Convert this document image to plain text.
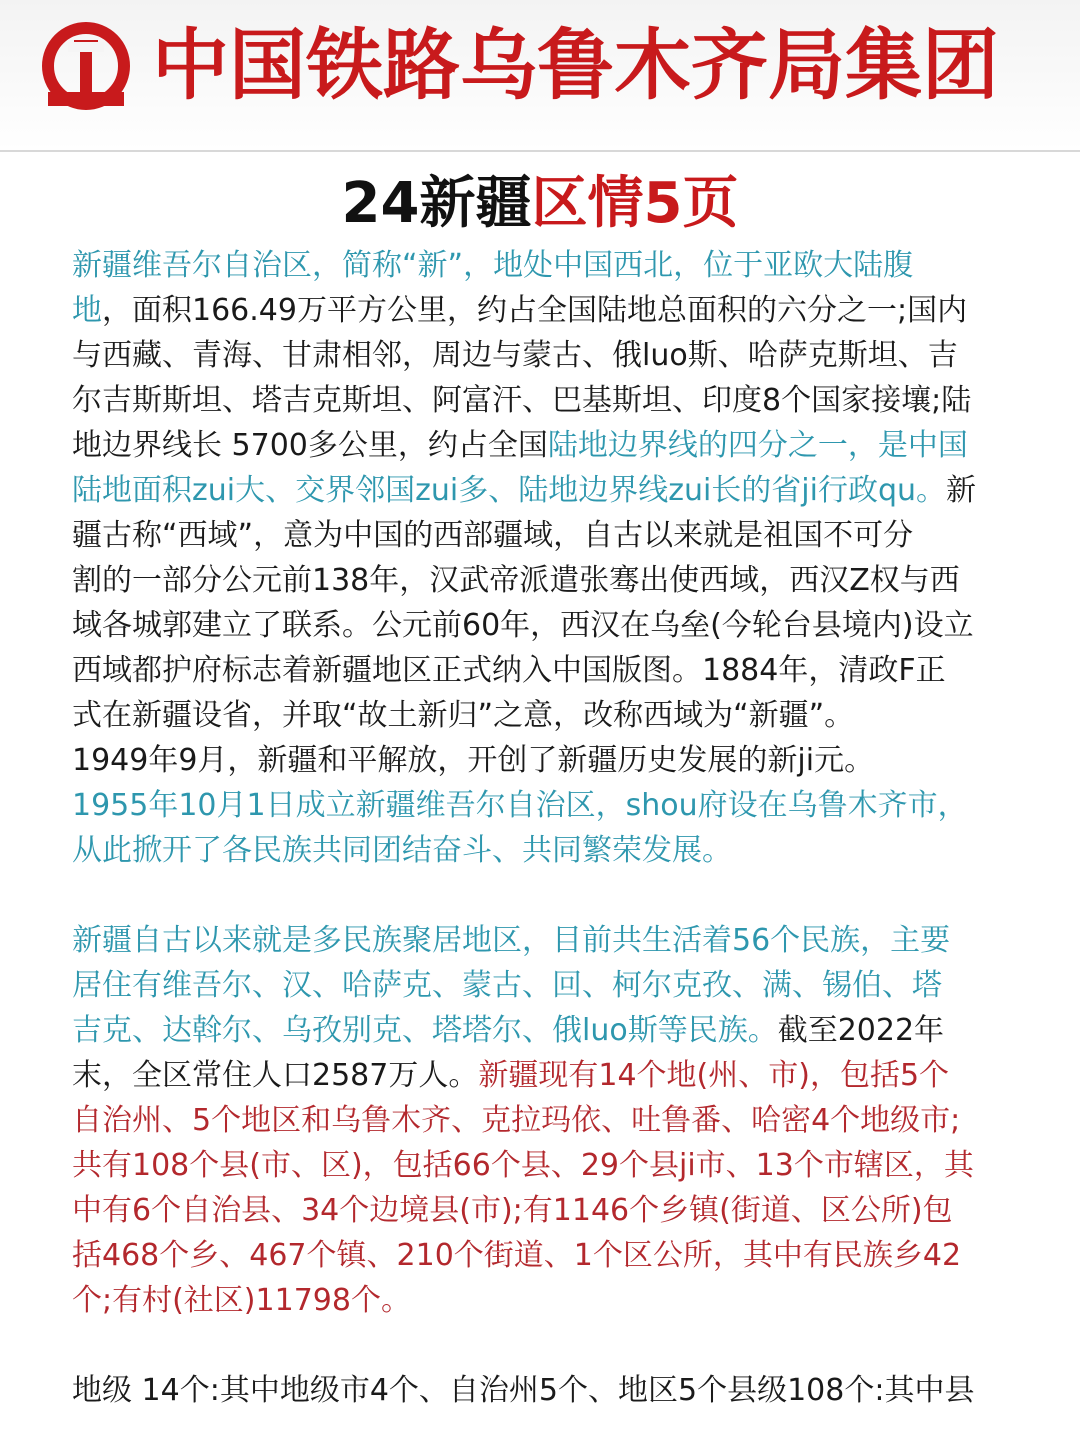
中国铁路乌鲁木齐局集团
24新疆区情5页
新疆维吾尔自治区，简称“新”，地处中国西北，位于亚欧大陆腹
地，面积166.49万平方公里，约占全国陆地总面积的六分之一;国内
与西藏、青海、甘肃相邻，周边与蒙古、俄luo斯、哈萨克斯坦、吉
尔吉斯斯坦、塔吉克斯坦、阿富汗、巴基斯坦、印度8个国家接壤;陆
地边界线长 5700多公里，约占全国陆地边界线的四分之一，是中国
陆地面积zui大、交界邻国zui多、陆地边界线zui长的省ji行政qu。新
疆古称“西域”，意为中国的西部疆域，自古以来就是祖国不可分
割的一部分公元前138年，汉武帝派遣张骞出使西域，西汉Z权与西
域各城郭建立了联系。公元前60年，西汉在乌垒(今轮台县境内)设立
西域都护府标志着新疆地区正式纳入中国版图。1884年，清政F正
式在新疆设省，并取“故土新归”之意，改称西域为“新疆”。
1949年9月，新疆和平解放，开创了新疆历史发展的新ji元。
1955年10月1日成立新疆维吾尔自治区，shou府设在乌鲁木齐市，
从此掀开了各民族共同团结奋斗、共同繁荣发展。
新疆自古以来就是多民族聚居地区，目前共生活着56个民族，主要
居住有维吾尔、汉、哈萨克、蒙古、回、柯尔克孜、满、锡伯、塔
吉克、达斡尔、乌孜别克、塔塔尔、俄luo斯等民族。截至2022年
末，全区常住人口2587万人。新疆现有14个地(州、市)，包括5个
自治州、5个地区和乌鲁木齐、克拉玛依、吐鲁番、哈密4个地级市;
共有108个县(市、区)，包括66个县、29个县ji市、13个市辖区，其
中有6个自治县、34个边境县(市);有1146个乡镇(街道、区公所)包
括468个乡、467个镇、210个街道、1个区公所，其中有民族乡42
个;有村(社区)11798个。
地级 14个:其中地级市4个、自治州5个、地区5个县级108个:其中县
